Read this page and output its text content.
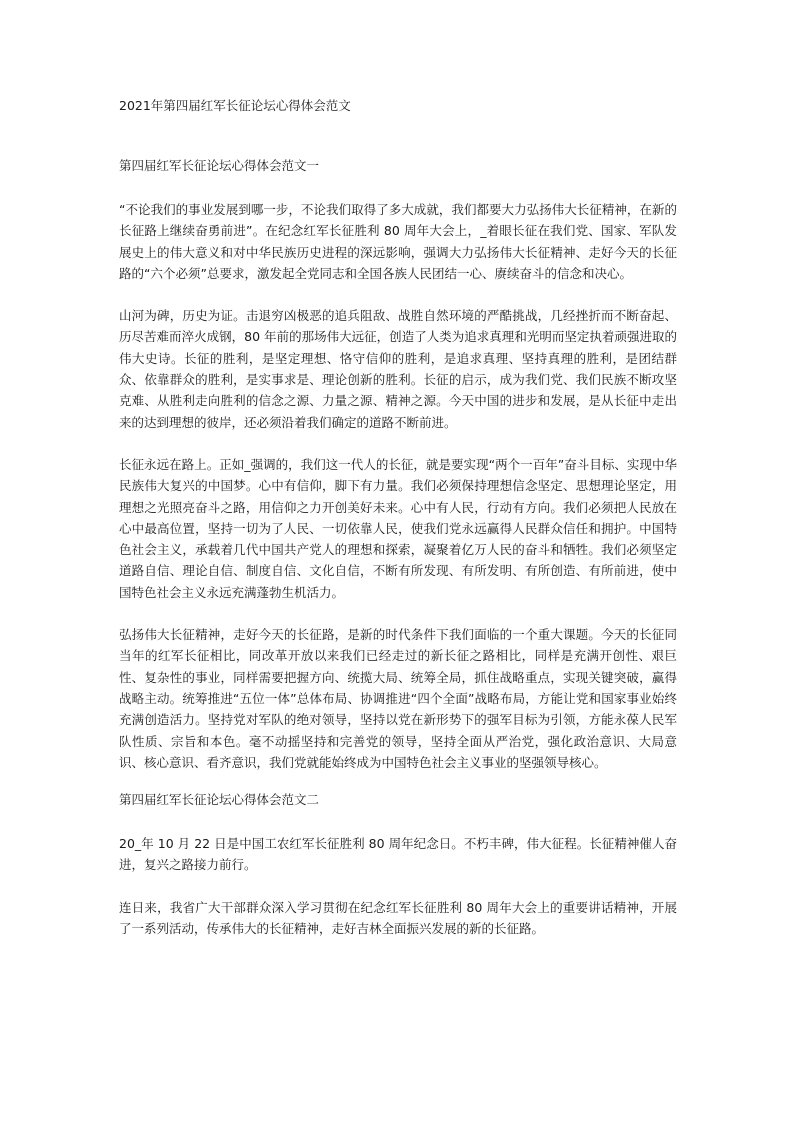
2021年第四届红军长征论坛心得体会范文

第四届红军长征论坛心得体会范文一

“不论我们的事业发展到哪一步，不论我们取得了多大成就，我们都要大力弘扬伟大长征精神，在新的长征路上继续奋勇前进”。在纪念红军长征胜利 80 周年大会上，_着眼长征在我们党、国家、军队发展史上的伟大意义和对中华民族历史进程的深远影响，强调大力弘扬伟大长征精神、走好今天的长征路的“六个必须”总要求，激发起全党同志和全国各族人民团结一心、赓续奋斗的信念和决心。

山河为碑，历史为证。击退穷凶极恶的追兵阻敌、战胜自然环境的严酷挑战，几经挫折而不断奋起、历尽苦难而淬火成钢，80 年前的那场伟大远征，创造了人类为追求真理和光明而坚定执着顽强进取的伟大史诗。长征的胜利，是坚定理想、恪守信仰的胜利，是追求真理、坚持真理的胜利，是团结群众、依靠群众的胜利，是实事求是、理论创新的胜利。长征的启示，成为我们党、我们民族不断攻坚克难、从胜利走向胜利的信念之源、力量之源、精神之源。今天中国的进步和发展，是从长征中走出来的达到理想的彼岸，还必须沿着我们确定的道路不断前进。

长征永远在路上。正如_强调的，我们这一代人的长征，就是要实现“两个一百年”奋斗目标、实现中华民族伟大复兴的中国梦。心中有信仰，脚下有力量。我们必须保持理想信念坚定、思想理论坚定，用理想之光照亮奋斗之路，用信仰之力开创美好未来。心中有人民，行动有方向。我们必须把人民放在心中最高位置，坚持一切为了人民、一切依靠人民，使我们党永远赢得人民群众信任和拥护。中国特色社会主义，承载着几代中国共产党人的理想和探索，凝聚着亿万人民的奋斗和牺牲。我们必须坚定道路自信、理论自信、制度自信、文化自信，不断有所发现、有所发明、有所创造、有所前进，使中国特色社会主义永远充满蓬勃生机活力。

弘扬伟大长征精神，走好今天的长征路，是新的时代条件下我们面临的一个重大课题。今天的长征同当年的红军长征相比，同改革开放以来我们已经走过的新长征之路相比，同样是充满开创性、艰巨性、复杂性的事业，同样需要把握方向、统揽大局、统筹全局，抓住战略重点，实现关键突破，赢得战略主动。统筹推进“五位一体”总体布局、协调推进“四个全面”战略布局，方能让党和国家事业始终充满创造活力。坚持党对军队的绝对领导，坚持以党在新形势下的强军目标为引领，方能永葆人民军队性质、宗旨和本色。毫不动摇坚持和完善党的领导，坚持全面从严治党，强化政治意识、大局意识、核心意识、看齐意识，我们党就能始终成为中国特色社会主义事业的坚强领导核心。

第四届红军长征论坛心得体会范文二

20_年 10 月 22 日是中国工农红军长征胜利 80 周年纪念日。不朽丰碑，伟大征程。长征精神催人奋进，复兴之路接力前行。

连日来，我省广大干部群众深入学习贯彻在纪念红军长征胜利 80 周年大会上的重要讲话精神，开展了一系列活动，传承伟大的长征精神，走好吉林全面振兴发展的新的长征路。
